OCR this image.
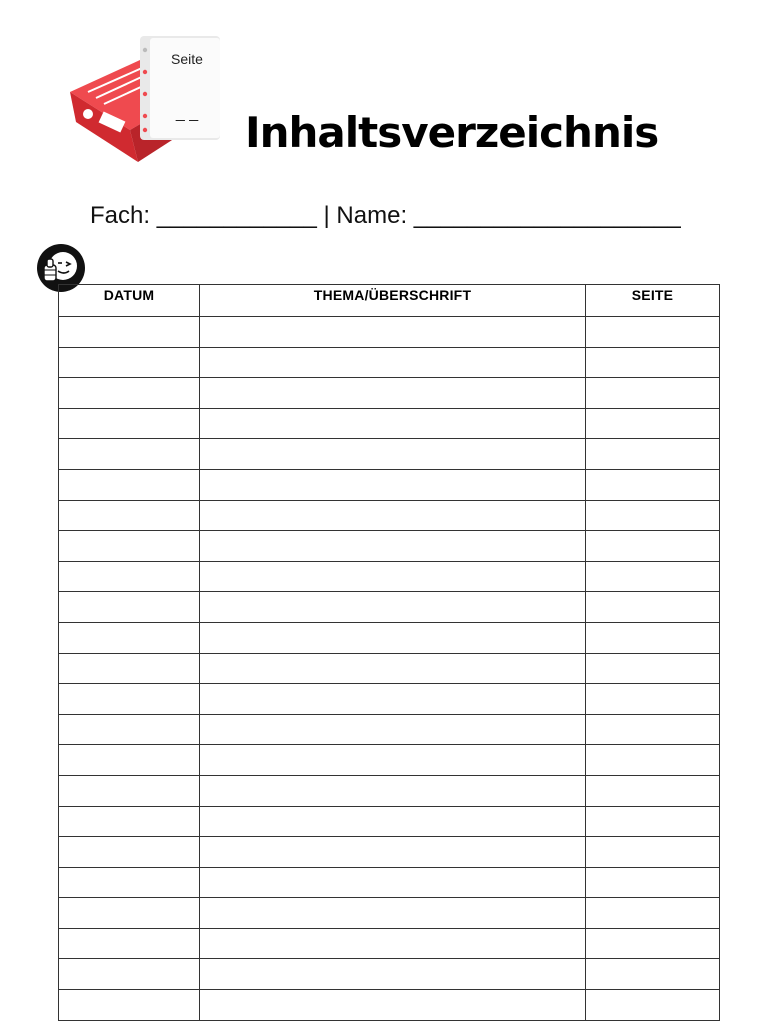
Seite
_ _ Inhaltsverzeichnis
Fach: ____________ | Name: ____________________
DATUM	THEMA/ÜBERSCHRIFT	SEITE
